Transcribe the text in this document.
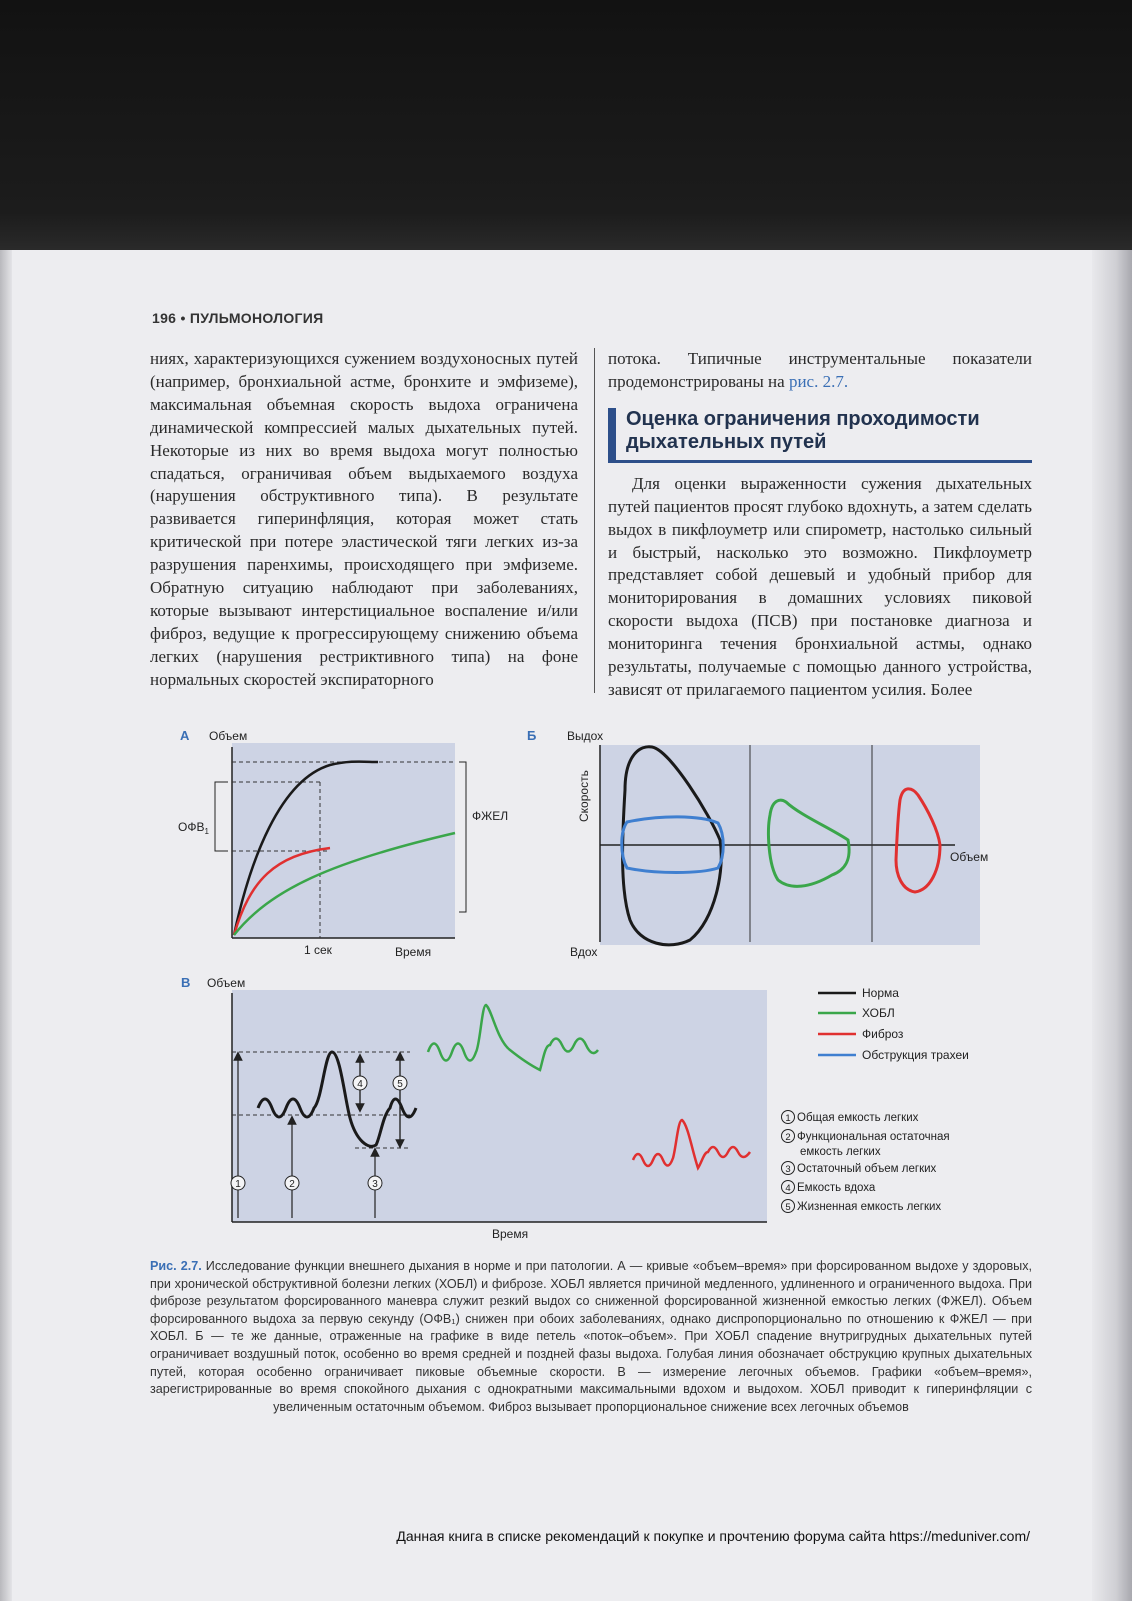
196 • ПУЛЬМОНОЛОГИЯ

ниях, характеризующихся сужением воздухоносных путей (например, бронхиальной астме, бронхите и эмфиземе), максимальная объемная скорость выдоха ограничена динамической компрессией малых дыхательных путей. Некоторые из них во время выдоха могут полностью спадаться, ограничивая объем выдыхаемого воздуха (нарушения обструктивного типа). В результате развивается гиперинфляция, которая может стать критической при потере эластической тяги легких из-за разрушения паренхимы, происходящего при эмфиземе. Обратную ситуацию наблюдают при заболеваниях, которые вызывают интерстициальное воспаление и/или фиброз, ведущие к прогрессирующему снижению объема легких (нарушения рестриктивного типа) на фоне нормальных скоростей экспираторного

потока. Типичные инструментальные показатели продемонстрированы на рис. 2.7.

Оценка ограничения проходимости дыхательных путей

Для оценки выраженности сужения дыхательных путей пациентов просят глубоко вдохнуть, а затем сделать выдох в пикфлоуметр или спирометр, настолько сильный и быстрый, насколько это возможно. Пикфлоуметр представляет собой дешевый и удобный прибор для мониторирования в домашних условиях пиковой скорости выдоха (ПСВ) при постановке диагноза и мониторинга течения бронхиальной астмы, однако результаты, получаемые с помощью данного устройства, зависят от прилагаемого пациентом усилия. Более

А Объем
$ОФВ_1$
ФЖЕЛ
1 сек	Время
Б	Выдох
Вдох
Скорость
Объем
В Объем
Время
1	2	3
4	5
Норма
ХОБЛ
Фиброз
Обструкция трахеи
1 Общая емкость легких
2 Функциональная остаточная
емкость легких
3 Остаточный объем легких
4 Емкость вдоха
5 Жизненная емкость легких
Рис. 2.7. Исследование функции внешнего дыхания в норме и при патологии. А — кривые «объем–время» при форсированном выдохе у здоровых, при хронической обструктивной болезни легких (ХОБЛ) и фиброзе. ХОБЛ является причиной медленного, удлиненного и ограниченного выдоха. При фиброзе результатом форсированного маневра служит резкий выдох со сниженной форсированной жизненной емкостью легких (ФЖЕЛ). Объем форсированного выдоха за первую секунду (ОФВ₁) снижен при обоих заболеваниях, однако диспропорционально по отношению к ФЖЕЛ — при ХОБЛ. Б — те же данные, отраженные на графике в виде петель «поток–объем». При ХОБЛ спадение внутригрудных дыхательных путей ограничивает воздушный поток, особенно во время средней и поздней фазы выдоха. Голубая линия обозначает обструкцию крупных дыхательных путей, которая особенно ограничивает пиковые объемные скорости. В — измерение легочных объемов. Графики «объем–время», зарегистрированные во время спокойного дыхания с однократными максимальными вдохом и выдохом. ХОБЛ приводит к гиперинфляции с увеличенным остаточным объемом. Фиброз вызывает пропорциональное снижение всех легочных объемов
Данная книга в списке рекомендаций к покупке и прочтению форума сайта https://meduniver.com/
